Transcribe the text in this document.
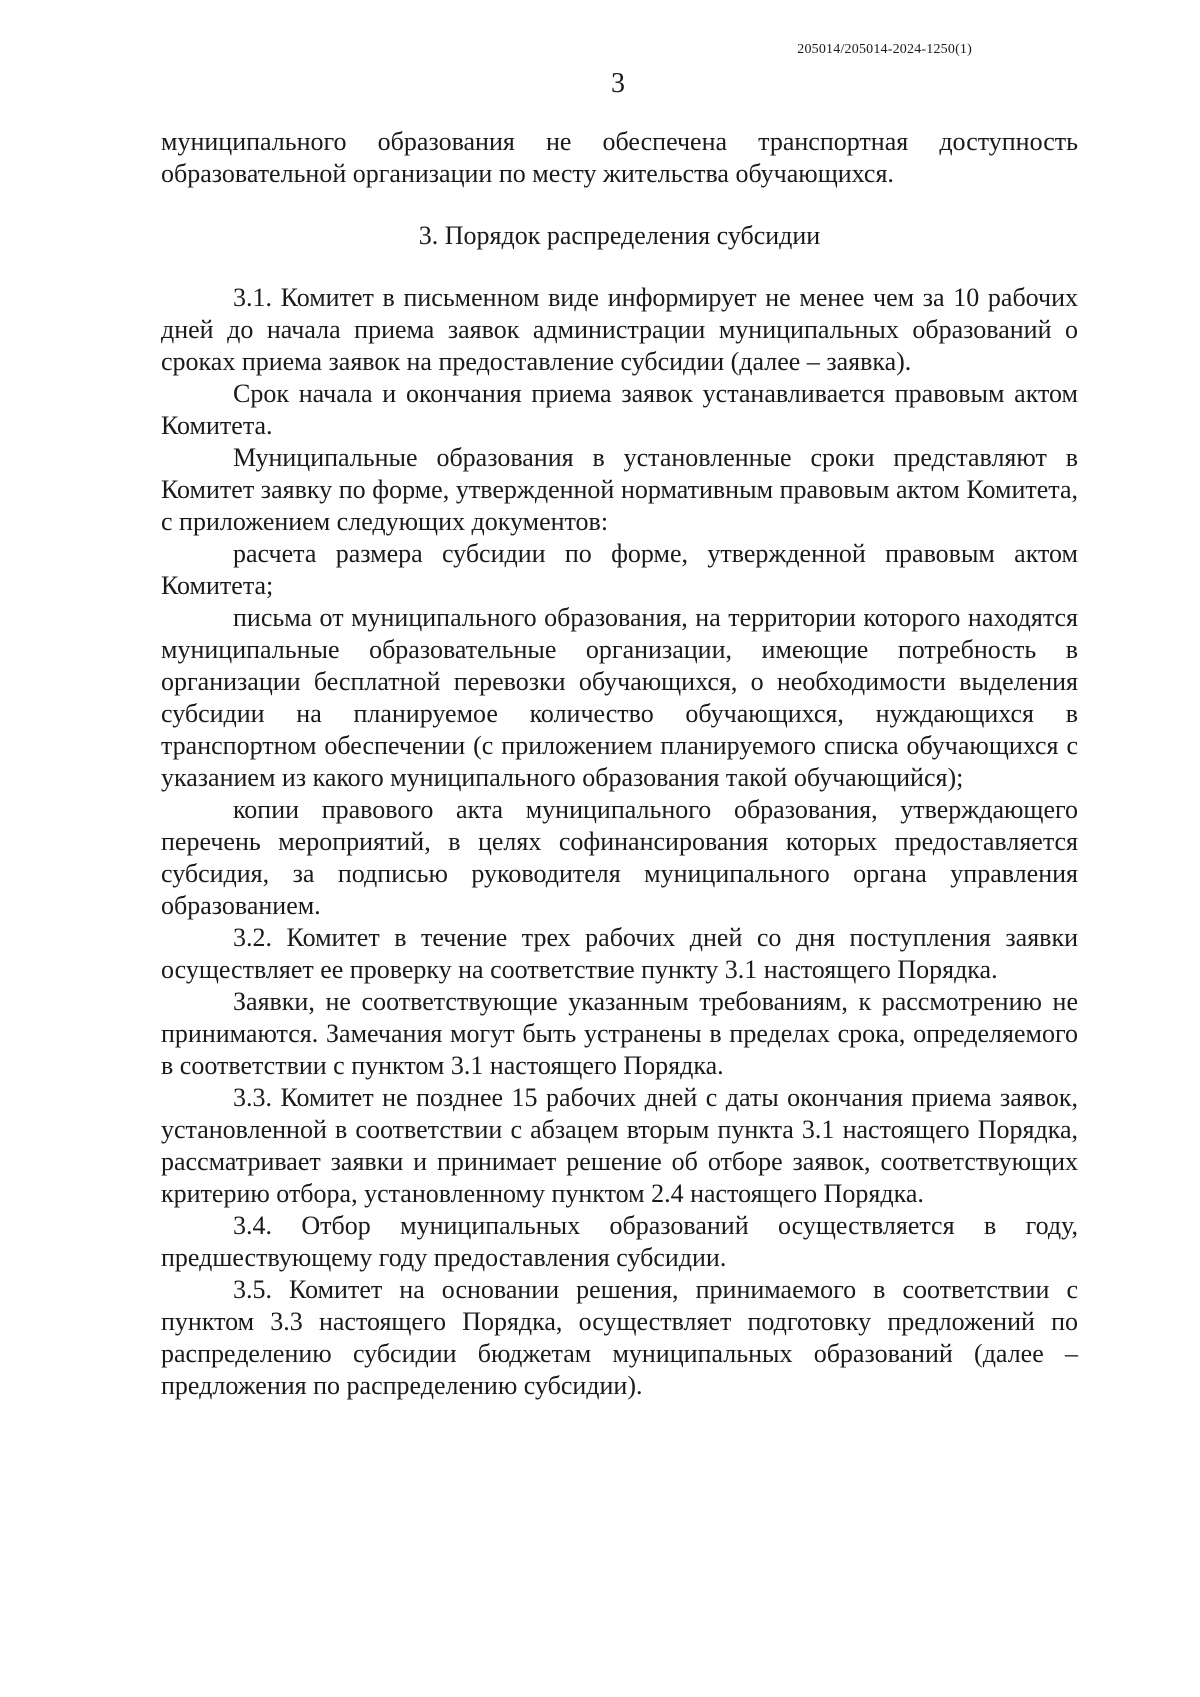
205014/205014-2024-1250(1)
3

муниципального образования не обеспечена транспортная доступность образовательной организации по месту жительства обучающихся.

3. Порядок распределения субсидии

3.1. Комитет в письменном виде информирует не менее чем за 10 рабочих дней до начала приема заявок администрации муниципальных образований о сроках приема заявок на предоставление субсидии (далее – заявка).

Срок начала и окончания приема заявок устанавливается правовым актом Комитета.

Муниципальные образования в установленные сроки представляют в Комитет заявку по форме, утвержденной нормативным правовым актом Комитета, с приложением следующих документов:

расчета размера субсидии по форме, утвержденной правовым актом Комитета;

письма от муниципального образования, на территории которого находятся муниципальные образовательные организации, имеющие потребность в организации бесплатной перевозки обучающихся, о необходимости выделения субсидии на планируемое количество обучающихся, нуждающихся в транспортном обеспечении (с приложением планируемого списка обучающихся с указанием из какого муниципального образования такой обучающийся);

копии правового акта муниципального образования, утверждающего перечень мероприятий, в целях софинансирования которых предоставляется субсидия, за подписью руководителя муниципального органа управления образованием.

3.2. Комитет в течение трех рабочих дней со дня поступления заявки осуществляет ее проверку на соответствие пункту 3.1 настоящего Порядка.

Заявки, не соответствующие указанным требованиям, к рассмотрению не принимаются. Замечания могут быть устранены в пределах срока, определяемого в соответствии с пунктом 3.1 настоящего Порядка.

3.3. Комитет не позднее 15 рабочих дней с даты окончания приема заявок, установленной в соответствии с абзацем вторым пункта 3.1 настоящего Порядка, рассматривает заявки и принимает решение об отборе заявок, соответствующих критерию отбора, установленному пунктом 2.4 настоящего Порядка.

3.4. Отбор муниципальных образований осуществляется в году, предшествующему году предоставления субсидии.

3.5. Комитет на основании решения, принимаемого в соответствии с пунктом 3.3 настоящего Порядка, осуществляет подготовку предложений по распределению субсидии бюджетам муниципальных образований (далее – предложения по распределению субсидии).
